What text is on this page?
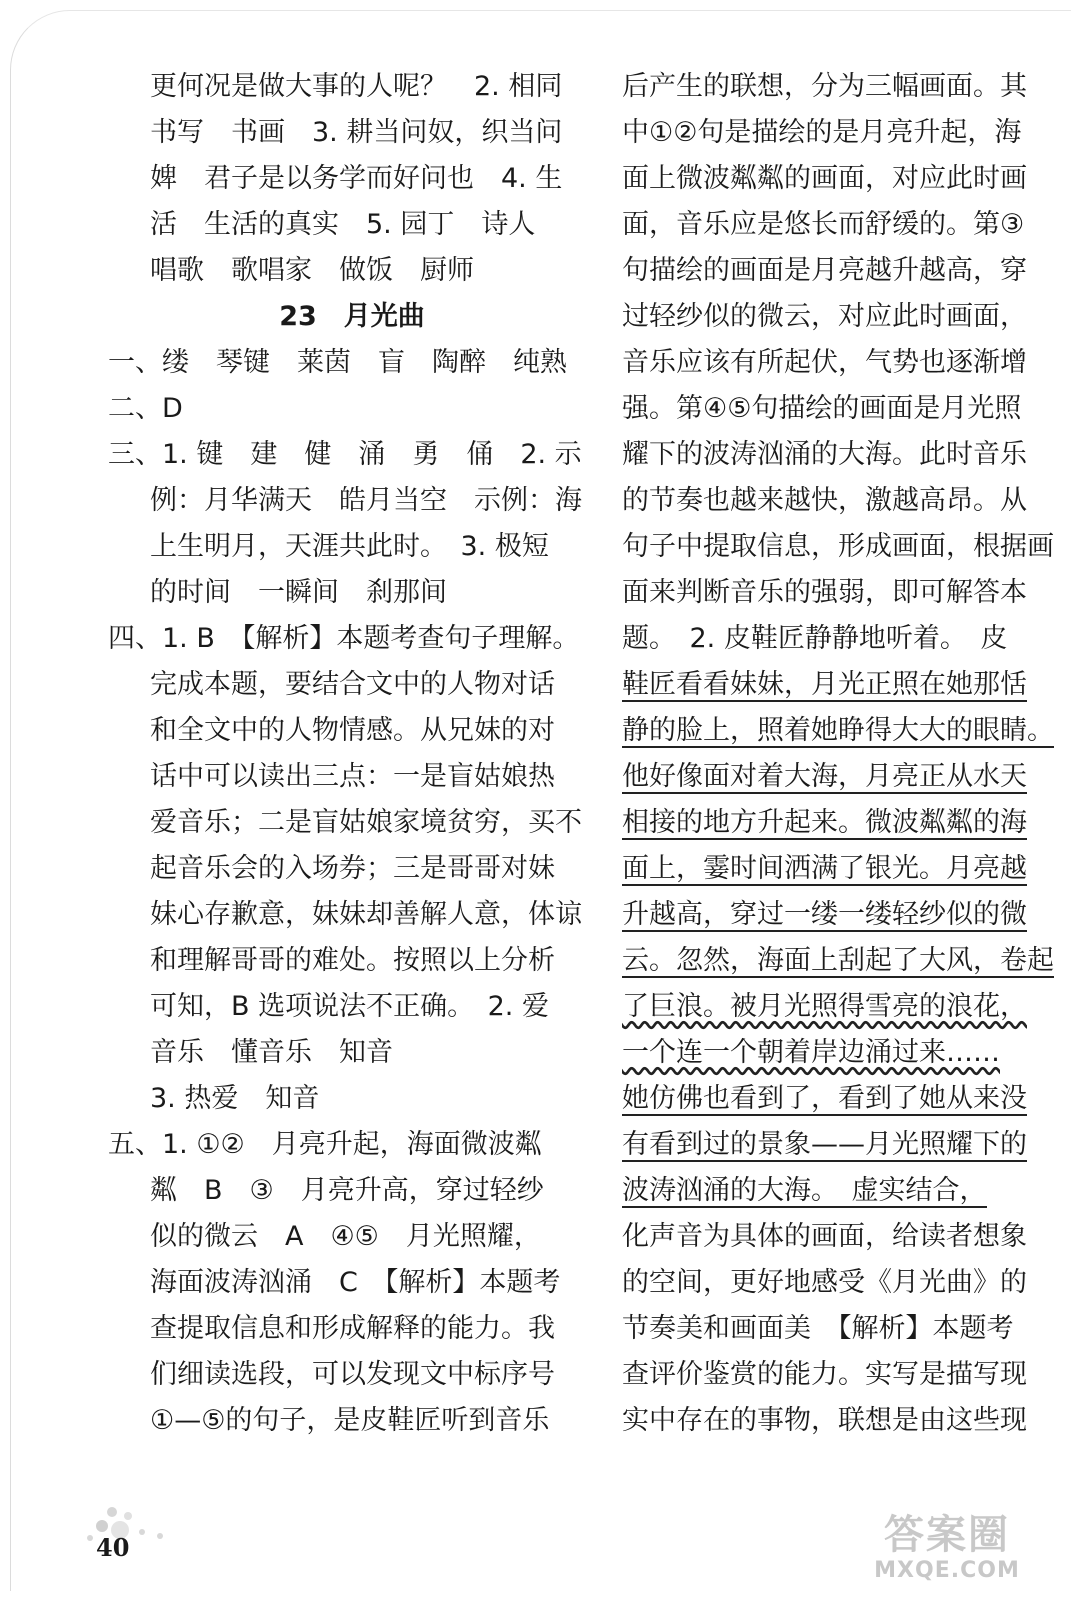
更何况是做大事的人呢？　2. 相同
书写　书画　3. 耕当问奴，织当问
婢　君子是以务学而好问也　4. 生
活　生活的真实　5. 园丁　诗人
唱歌　歌唱家　做饭　厨师
23　月光曲
一、缕　琴键　莱茵　盲　陶醉　纯熟
二、D
三、1. 键　建　健　涌　勇　俑　2. 示
例：月华满天　皓月当空　示例：海
上生明月，天涯共此时。　3. 极短
的时间　一瞬间　刹那间
四、1. B　【解析】本题考查句子理解。
完成本题，要结合文中的人物对话
和全文中的人物情感。从兄妹的对
话中可以读出三点：一是盲姑娘热
爱音乐；二是盲姑娘家境贫穷，买不
起音乐会的入场券；三是哥哥对妹
妹心存歉意，妹妹却善解人意，体谅
和理解哥哥的难处。按照以上分析
可知，B 选项说法不正确。　2. 爱
音乐　懂音乐　知音
3. 热爱　知音
五、1. ①②　月亮升起，海面微波粼
粼　B　③　月亮升高，穿过轻纱
似的微云　A　④⑤　月光照耀，
海面波涛汹涌　C　【解析】本题考
查提取信息和形成解释的能力。我
们细读选段，可以发现文中标序号
①—⑤的句子，是皮鞋匠听到音乐
后产生的联想，分为三幅画面。其
中①②句是描绘的是月亮升起，海
面上微波粼粼的画面，对应此时画
面，音乐应是悠长而舒缓的。第③
句描绘的画面是月亮越升越高，穿
过轻纱似的微云，对应此时画面，
音乐应该有所起伏，气势也逐渐增
强。第④⑤句描绘的画面是月光照
耀下的波涛汹涌的大海。此时音乐
的节奏也越来越快，激越高昂。从
句子中提取信息，形成画面，根据画
面来判断音乐的强弱，即可解答本
题。　2. 皮鞋匠静静地听着。　皮
鞋匠看看妹妹，月光正照在她那恬
静的脸上，照着她睁得大大的眼睛。
他好像面对着大海，月亮正从水天
相接的地方升起来。微波粼粼的海
面上，霎时间洒满了银光。月亮越
升越高，穿过一缕一缕轻纱似的微
云。忽然，海面上刮起了大风，卷起
了巨浪。被月光照得雪亮的浪花，
一个连一个朝着岸边涌过来……
她仿佛也看到了，看到了她从来没
有看到过的景象——月光照耀下的
波涛汹涌的大海。　虚实结合，
化声音为具体的画面，给读者想象
的空间，更好地感受《月光曲》的
节奏美和画面美　【解析】本题考
查评价鉴赏的能力。实写是描写现
实中存在的事物，联想是由这些现
40	答案圈
MXQE.COM
